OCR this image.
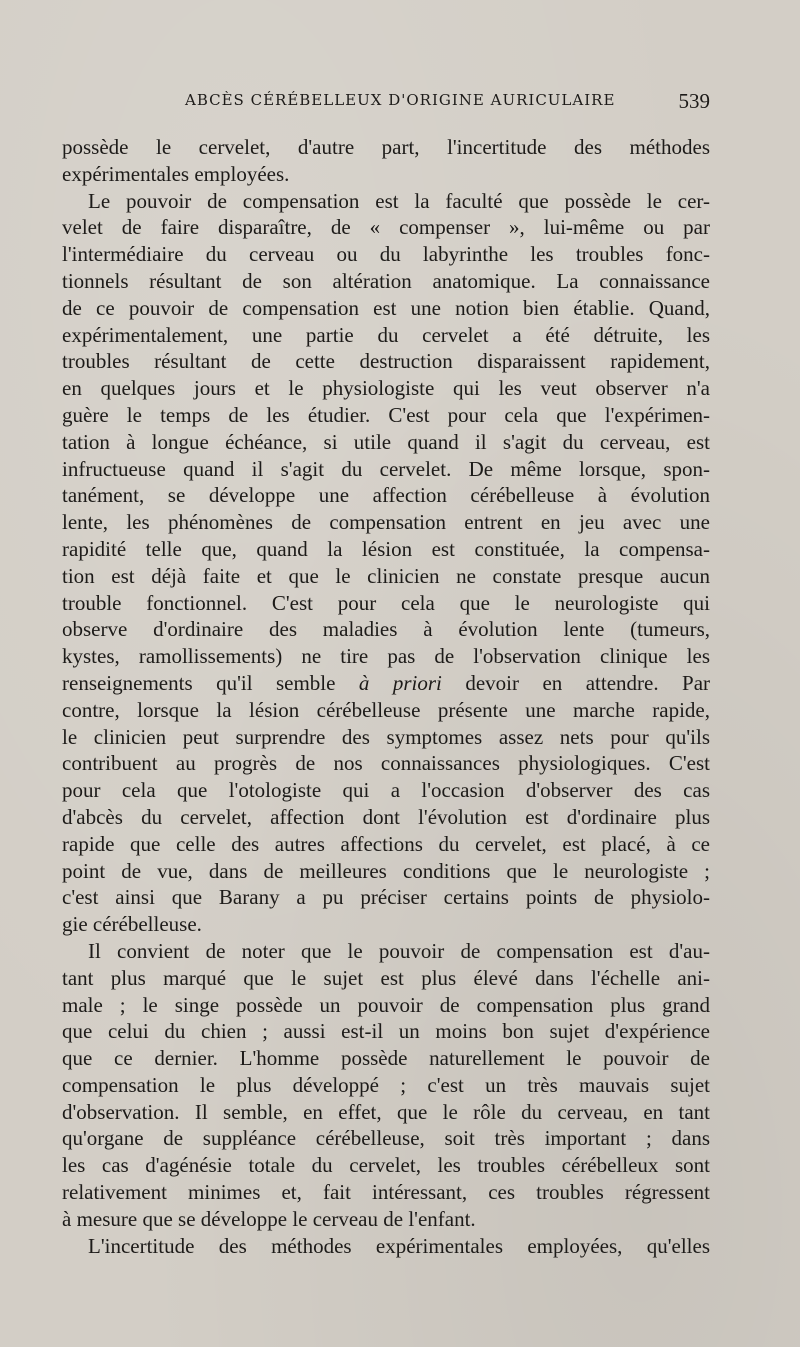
ABCÈS CÉRÉBELLEUX D'ORIGINE AURICULAIRE	539
possède le cervelet, d'autre part, l'incertitude des méthodes
expérimentales employées.
Le pouvoir de compensation est la faculté que possède le cer-
velet de faire disparaître, de « compenser », lui-même ou par
l'intermédiaire du cerveau ou du labyrinthe les troubles fonc-
tionnels résultant de son altération anatomique. La connaissance
de ce pouvoir de compensation est une notion bien établie. Quand,
expérimentalement, une partie du cervelet a été détruite, les
troubles résultant de cette destruction disparaissent rapidement,
en quelques jours et le physiologiste qui les veut observer n'a
guère le temps de les étudier. C'est pour cela que l'expérimen-
tation à longue échéance, si utile quand il s'agit du cerveau, est
infructueuse quand il s'agit du cervelet. De même lorsque, spon-
tanément, se développe une affection cérébelleuse à évolution
lente, les phénomènes de compensation entrent en jeu avec une
rapidité telle que, quand la lésion est constituée, la compensa-
tion est déjà faite et que le clinicien ne constate presque aucun
trouble fonctionnel. C'est pour cela que le neurologiste qui
observe d'ordinaire des maladies à évolution lente (tumeurs,
kystes, ramollissements) ne tire pas de l'observation clinique les
renseignements qu'il semble à priori devoir en attendre. Par
contre, lorsque la lésion cérébelleuse présente une marche rapide,
le clinicien peut surprendre des symptomes assez nets pour qu'ils
contribuent au progrès de nos connaissances physiologiques. C'est
pour cela que l'otologiste qui a l'occasion d'observer des cas
d'abcès du cervelet, affection dont l'évolution est d'ordinaire plus
rapide que celle des autres affections du cervelet, est placé, à ce
point de vue, dans de meilleures conditions que le neurologiste ;
c'est ainsi que Barany a pu préciser certains points de physiolo-
gie cérébelleuse.
Il convient de noter que le pouvoir de compensation est d'au-
tant plus marqué que le sujet est plus élevé dans l'échelle ani-
male ; le singe possède un pouvoir de compensation plus grand
que celui du chien ; aussi est-il un moins bon sujet d'expérience
que ce dernier. L'homme possède naturellement le pouvoir de
compensation le plus développé ; c'est un très mauvais sujet
d'observation. Il semble, en effet, que le rôle du cerveau, en tant
qu'organe de suppléance cérébelleuse, soit très important ; dans
les cas d'agénésie totale du cervelet, les troubles cérébelleux sont
relativement minimes et, fait intéressant, ces troubles régressent
à mesure que se développe le cerveau de l'enfant.
L'incertitude des méthodes expérimentales employées, qu'elles
